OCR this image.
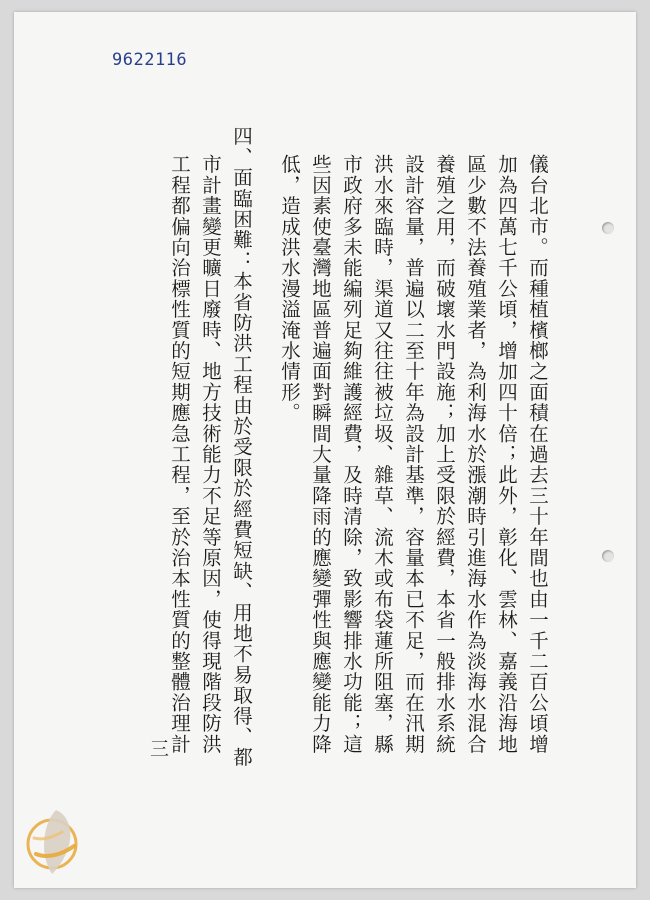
9622116
儀台北市。而種植檳榔之面積在過去三十年間也由一千二百公頃增
加為四萬七千公頃，增加四十倍；此外，彰化、雲林、嘉義沿海地
區少數不法養殖業者，為利海水於漲潮時引進海水作為淡海水混合
養殖之用，而破壞水門設施；加上受限於經費，本省一般排水系統
設計容量，普遍以二至十年為設計基準，容量本已不足，而在汛期
洪水來臨時，渠道又往往被垃圾、雜草、流木或布袋蓮所阻塞，縣
市政府多未能編列足夠維護經費，及時清除，致影響排水功能；這
些因素使臺灣地區普遍面對瞬間大量降雨的應變彈性與應變能力降
低，造成洪水漫溢淹水情形。
四、面臨困難：本省防洪工程由於受限於經費短缺、用地不易取得、都
市計畫變更曠日廢時、地方技術能力不足等原因，使得現階段防洪
工程都偏向治標性質的短期應急工程，至於治本性質的整體治理計
三
